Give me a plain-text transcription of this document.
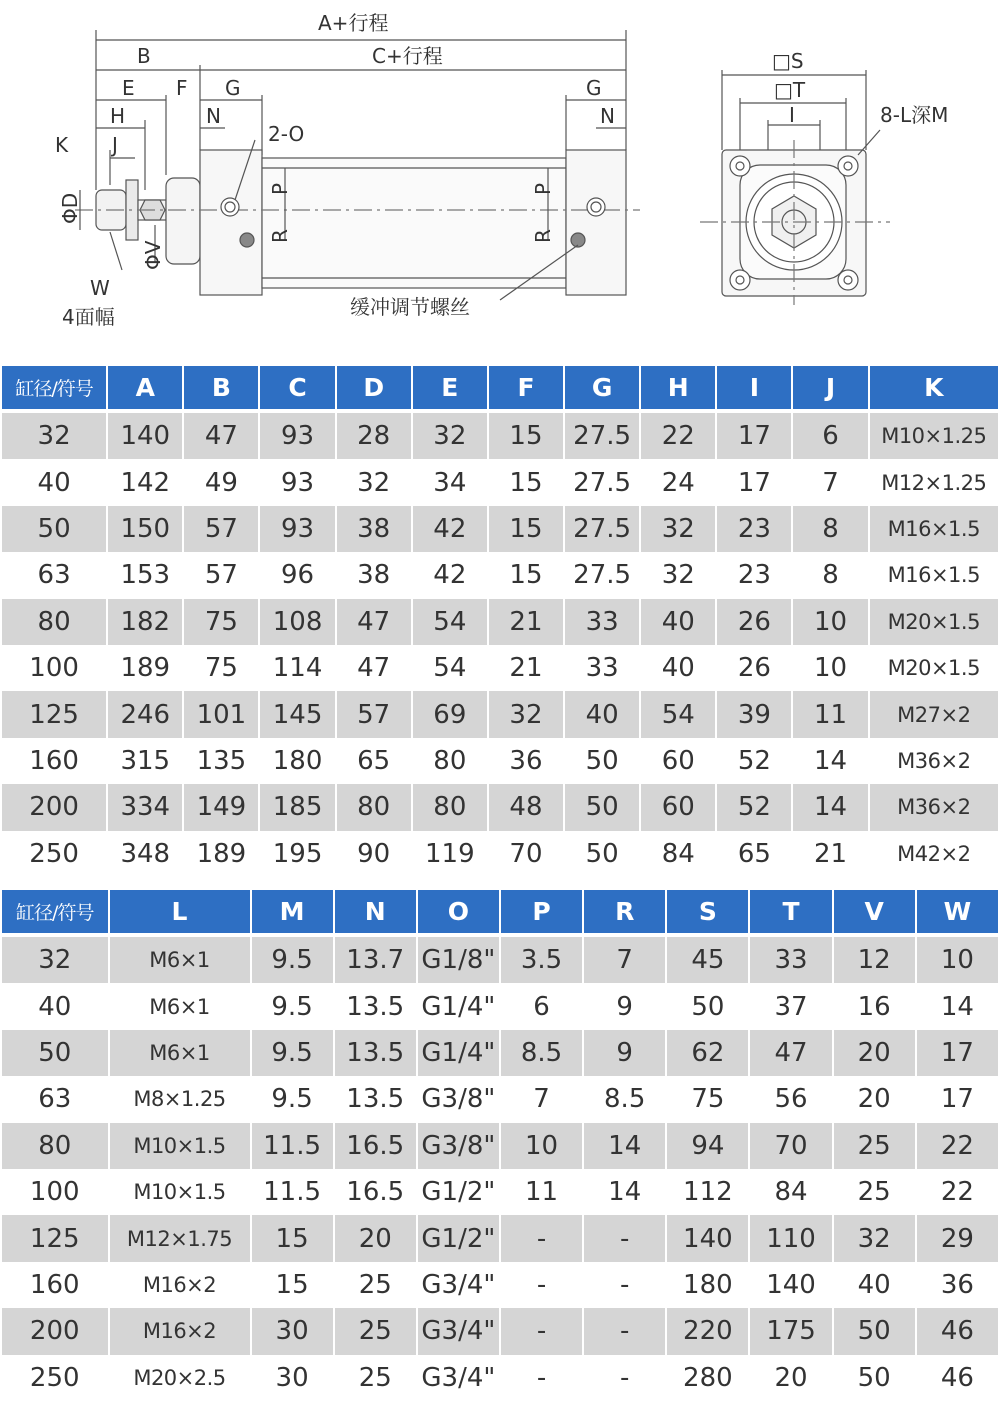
A+行程
C+行程
B
E F G	G
H
J
K
N	N
2-O
P	P
R	R
ΦD
ΦV
W
4面幅	缓冲调节螺丝
□S
□T
I	8-L深M
缸径/符号	A	B	C	D	E	F	G	H	I	J	K
32	140	47	93	28	32	15	27.5	22	17	6	M10×1.25
40	142	49	93	32	34	15	27.5	24	17	7	M12×1.25
50	150	57	93	38	42	15	27.5	32	23	8	M16×1.5
63	153	57	96	38	42	15	27.5	32	23	8	M16×1.5
80	182	75	108	47	54	21	33	40	26	10	M20×1.5
100	189	75	114	47	54	21	33	40	26	10	M20×1.5
125	246	101	145	57	69	32	40	54	39	11	M27×2
160	315	135	180	65	80	36	50	60	52	14	M36×2
200	334	149	185	80	80	48	50	60	52	14	M36×2
250	348	189	195	90	119	70	50	84	65	21	M42×2
缸径/符号	L	M	N	O	P	R	S	T	V	W
32	M6×1	9.5	13.7	G1/8"	3.5	7	45	33	12	10
40	M6×1	9.5	13.5	G1/4"	6	9	50	37	16	14
50	M6×1	9.5	13.5	G1/4"	8.5	9	62	47	20	17
63	M8×1.25	9.5	13.5	G3/8"	7	8.5	75	56	20	17
80	M10×1.5	11.5	16.5	G3/8"	10	14	94	70	25	22
100	M10×1.5	11.5	16.5	G1/2"	11	14	112	84	25	22
125	M12×1.75	15	20	G1/2"	-	-	140	110	32	29
160	M16×2	15	25	G3/4"	-	-	180	140	40	36
200	M16×2	30	25	G3/4"	-	-	220	175	50	46
250	M20×2.5	30	25	G3/4"	-	-	280	20	50	46
